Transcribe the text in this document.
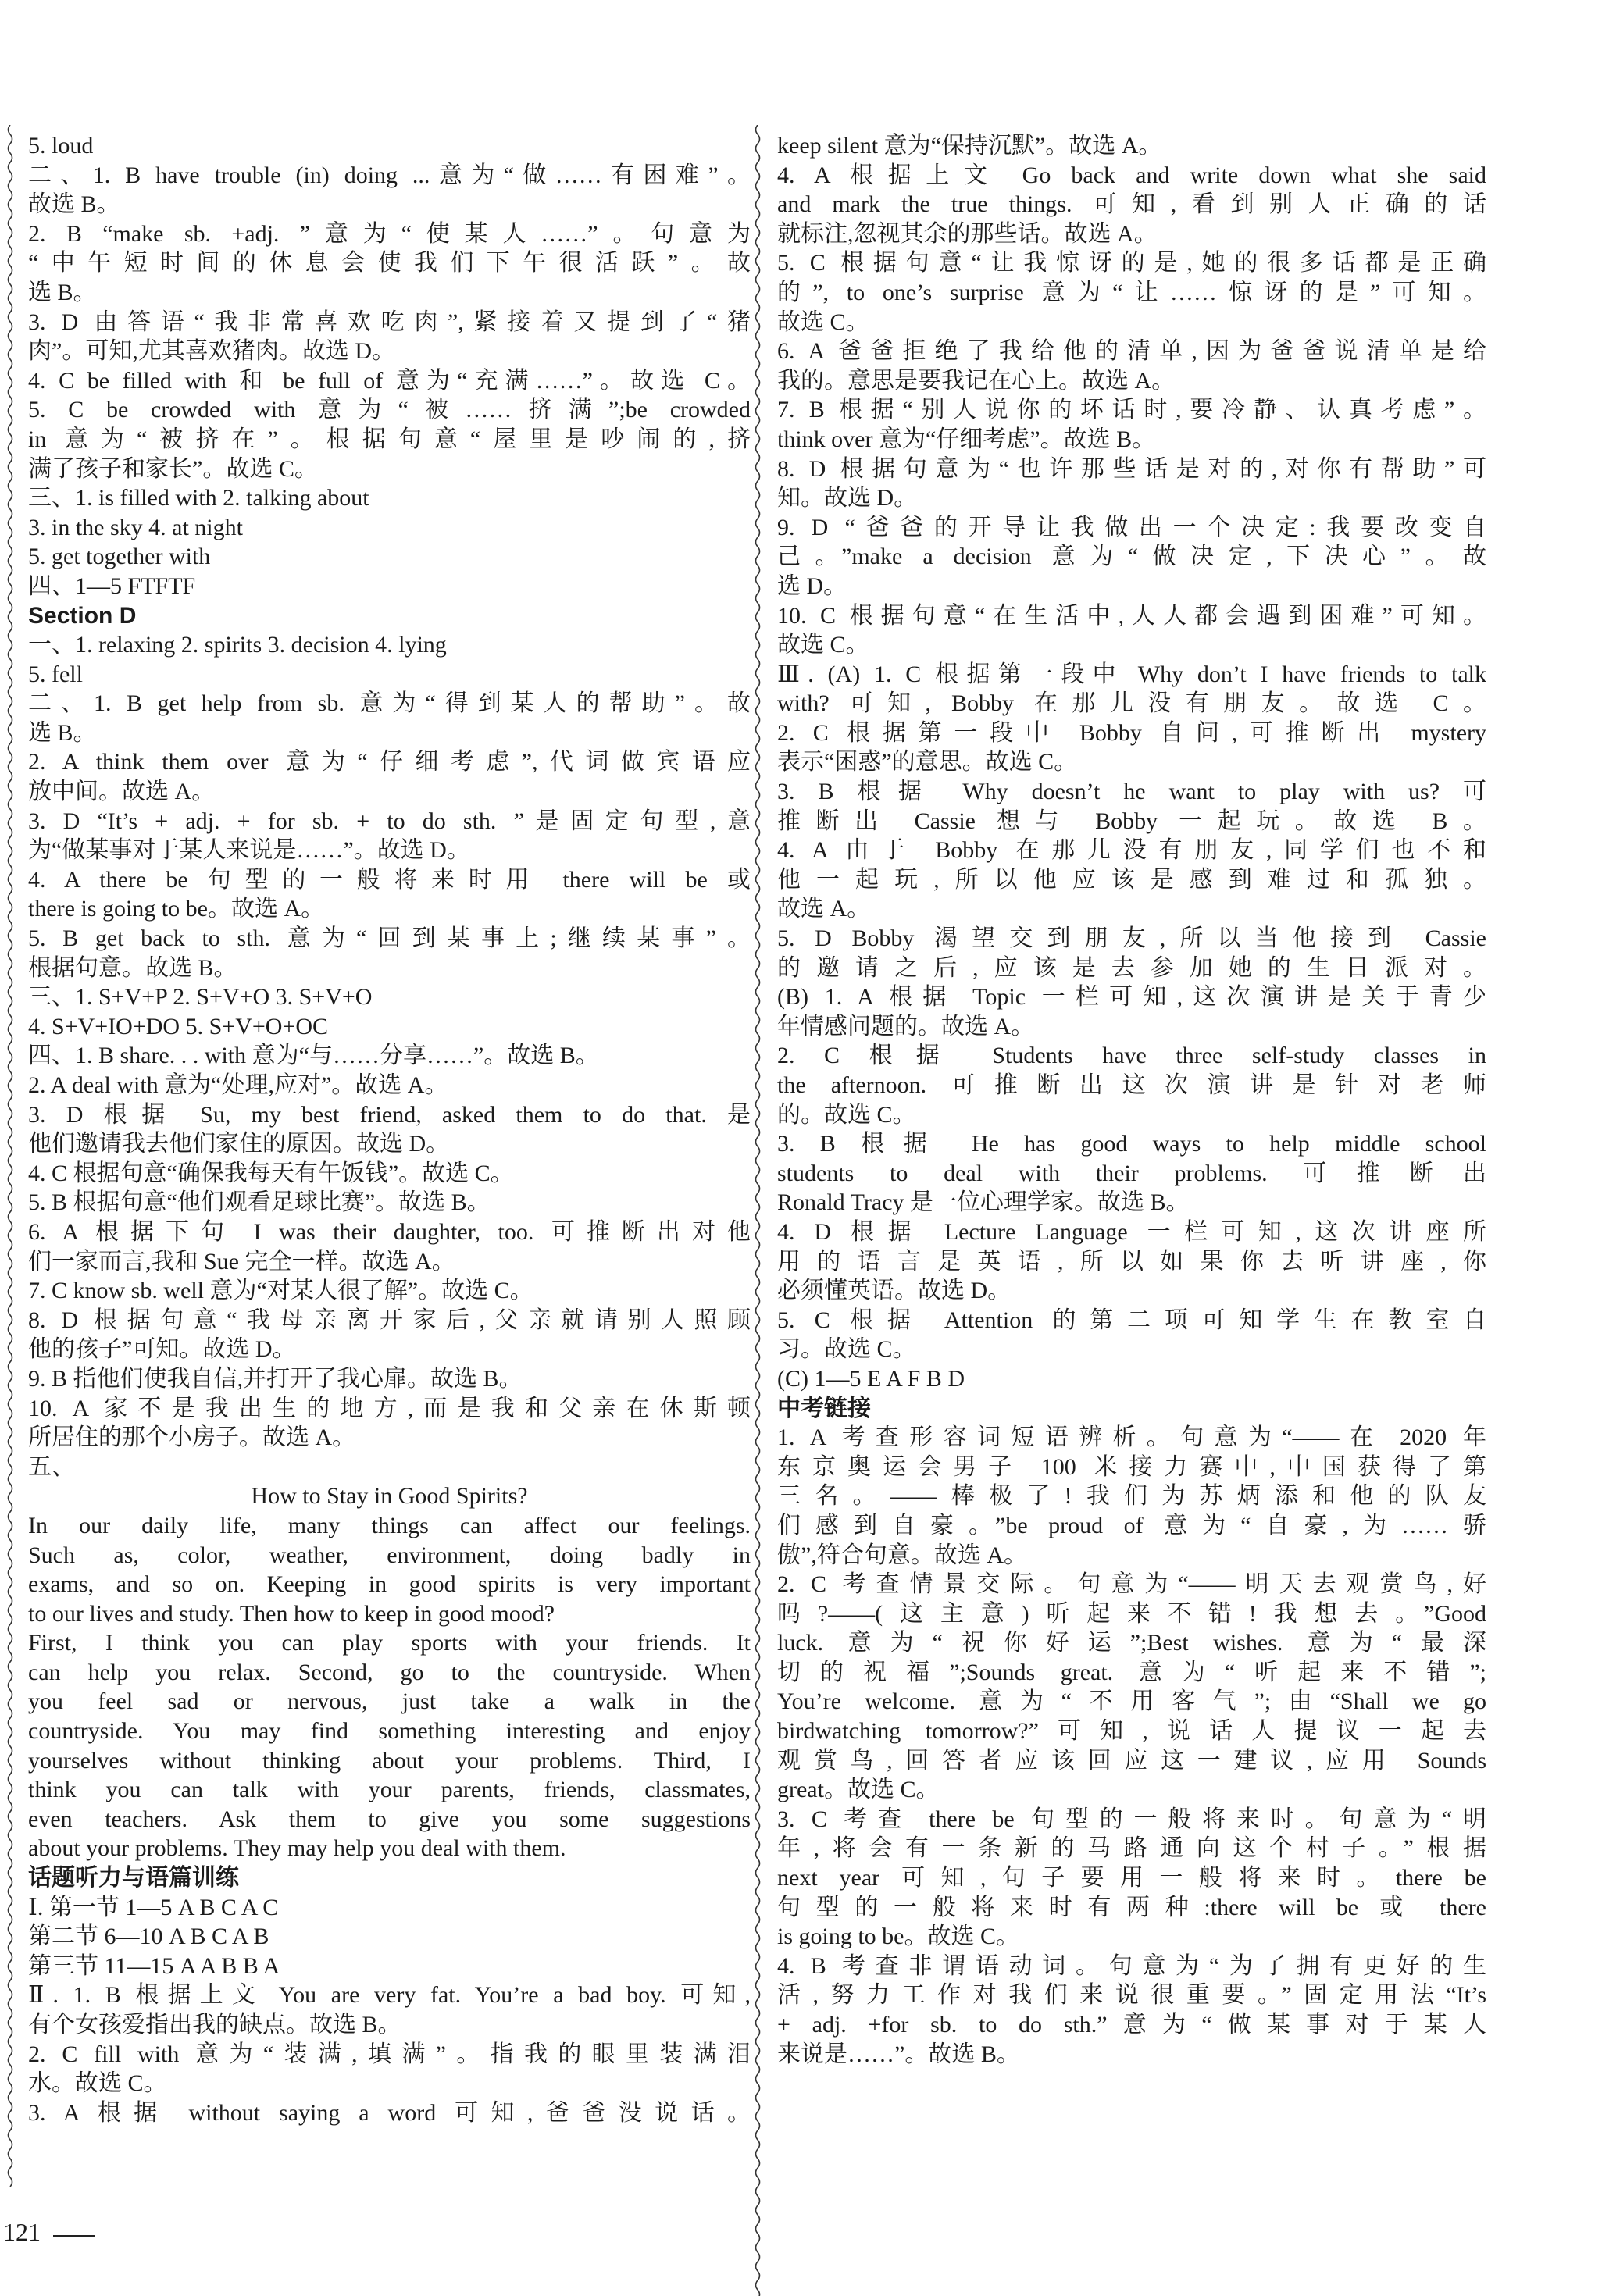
5. loud
二、1. B have trouble (in) doing ...意为“做……有困难”。
故选 B。
2. B “make sb. +adj. ”意为“使某人……”。句意为
“中午短时间的休息会使我们下午很活跃”。故
选 B。
3. D 由答语“我非常喜欢吃肉”,紧接着又提到了“猪
肉”。可知,尤其喜欢猪肉。故选 D。
4. C be filled with 和 be full of 意为“充满……”。故选 C。
5. C be crowded with 意为“被……挤满”;be crowded
in 意为“被挤在”。根据句意“屋里是吵闹的,挤
满了孩子和家长”。故选 C。
三、1. is filled with 2. talking about
3. in the sky 4. at night
5. get together with
四、1—5 FTFTF
Section D
一、1. relaxing 2. spirits 3. decision 4. lying
5. fell
二、1. B get help from sb. 意为“得到某人的帮助”。故
选 B。
2. A think them over 意为“仔细考虑”,代词做宾语应
放中间。故选 A。
3. D “It’s + adj. + for sb. + to do sth. ”是固定句型,意
为“做某事对于某人来说是……”。故选 D。
4. A there be 句型的一般将来时用 there will be 或
there is going to be。故选 A。
5. B get back to sth. 意为“回到某事上;继续某事”。
根据句意。故选 B。
三、1. S+V+P 2. S+V+O 3. S+V+O
4. S+V+IO+DO 5. S+V+O+OC
四、1. B share. . . with 意为“与……分享……”。故选 B。
2. A deal with 意为“处理,应对”。故选 A。
3. D 根据 Su, my best friend, asked them to do that. 是
他们邀请我去他们家住的原因。故选 D。
4. C 根据句意“确保我每天有午饭钱”。故选 C。
5. B 根据句意“他们观看足球比赛”。故选 B。
6. A 根据下句 I was their daughter, too. 可推断出对他
们一家而言,我和 Sue 完全一样。故选 A。
7. C know sb. well 意为“对某人很了解”。故选 C。
8. D 根据句意“我母亲离开家后,父亲就请别人照顾
他的孩子”可知。故选 D。
9. B 指他们使我自信,并打开了我心扉。故选 B。
10. A 家不是我出生的地方,而是我和父亲在休斯顿
所居住的那个小房子。故选 A。
五、
How to Stay in Good Spirits?
In our daily life, many things can affect our feelings.
Such as, color, weather, environment, doing badly in
exams, and so on. Keeping in good spirits is very important
to our lives and study. Then how to keep in good mood?
First, I think you can play sports with your friends. It
can help you relax. Second, go to the countryside. When
you feel sad or nervous, just take a walk in the
countryside. You may find something interesting and enjoy
yourselves without thinking about your problems. Third, I
think you can talk with your parents, friends, classmates,
even teachers. Ask them to give you some suggestions
about your problems. They may help you deal with them.
话题听力与语篇训练
Ⅰ. 第一节 1—5 A B C A C
第二节 6—10 A B C A B
第三节 11—15 A A B B A
Ⅱ. 1. B 根据上文 You are very fat. You’re a bad boy. 可知,
有个女孩爱指出我的缺点。故选 B。
2. C fill with 意为“装满,填满”。指我的眼里装满泪
水。故选 C。
3. A 根据 without saying a word 可知,爸爸没说话。
keep silent 意为“保持沉默”。故选 A。
4. A 根据上文 Go back and write down what she said
and mark the true things. 可知,看到别人正确的话
就标注,忽视其余的那些话。故选 A。
5. C 根据句意“让我惊讶的是,她的很多话都是正确
的”, to one’s surprise 意为“让……惊讶的是”可知。
故选 C。
6. A 爸爸拒绝了我给他的清单,因为爸爸说清单是给
我的。意思是要我记在心上。故选 A。
7. B 根据“别人说你的坏话时,要冷静、认真考虑”。
think over 意为“仔细考虑”。故选 B。
8. D 根据句意为“也许那些话是对的,对你有帮助”可
知。故选 D。
9. D “爸爸的开导让我做出一个决定:我要改变自
己。”make a decision 意为“做决定,下决心”。故
选 D。
10. C 根据句意“在生活中,人人都会遇到困难”可知。
故选 C。
Ⅲ. (A) 1. C 根据第一段中 Why don’t I have friends to talk
with? 可知, Bobby 在那儿没有朋友。故选 C。
2. C 根据第一段中 Bobby 自问,可推断出 mystery
表示“困惑”的意思。故选 C。
3. B 根据 Why doesn’t he want to play with us? 可
推断出 Cassie 想与 Bobby 一起玩。故选 B。
4. A 由于 Bobby 在那儿没有朋友,同学们也不和
他一起玩,所以他应该是感到难过和孤独。
故选 A。
5. D Bobby 渴望交到朋友,所以当他接到 Cassie
的邀请之后,应该是去参加她的生日派对。
(B) 1. A 根据 Topic 一栏可知,这次演讲是关于青少
年情感问题的。故选 A。
2. C 根据 Students have three self-study classes in
the afternoon. 可推断出这次演讲是针对老师
的。故选 C。
3. B 根据 He has good ways to help middle school
students to deal with their problems. 可推断出
Ronald Tracy 是一位心理学家。故选 B。
4. D 根据 Lecture Language 一栏可知,这次讲座所
用的语言是英语,所以如果你去听讲座,你
必须懂英语。故选 D。
5. C 根据 Attention 的第二项可知学生在教室自
习。故选 C。
(C) 1—5 E A F B D
中考链接
1. A 考查形容词短语辨析。句意为“——在 2020 年
东京奥运会男子 100 米接力赛中,中国获得了第
三名。——棒极了!我们为苏炳添和他的队友
们感到自豪。”be proud of 意为“自豪,为……骄
傲”,符合句意。故选 A。
2. C 考查情景交际。句意为“——明天去观赏鸟,好
吗?——(这主意)听起来不错!我想去。”Good
luck. 意为“祝你好运”;Best wishes. 意为“最深
切的祝福”;Sounds great. 意为“听起来不错”;
You’re welcome. 意为“不用客气”;由“Shall we go
birdwatching tomorrow?”可知,说话人提议一起去
观赏鸟,回答者应该回应这一建议,应用 Sounds
great。故选 C。
3. C 考查 there be 句型的一般将来时。句意为“明
年,将会有一条新的马路通向这个村子。”根据
next year 可知,句子要用一般将来时。there be
句型的一般将来时有两种:there will be 或 there
is going to be。故选 C。
4. B 考查非谓语动词。句意为“为了拥有更好的生
活,努力工作对我们来说很重要。”固定用法“It’s
+ adj. +for sb. to do sth.”意为“做某事对于某人
来说是……”。故选 B。
121
